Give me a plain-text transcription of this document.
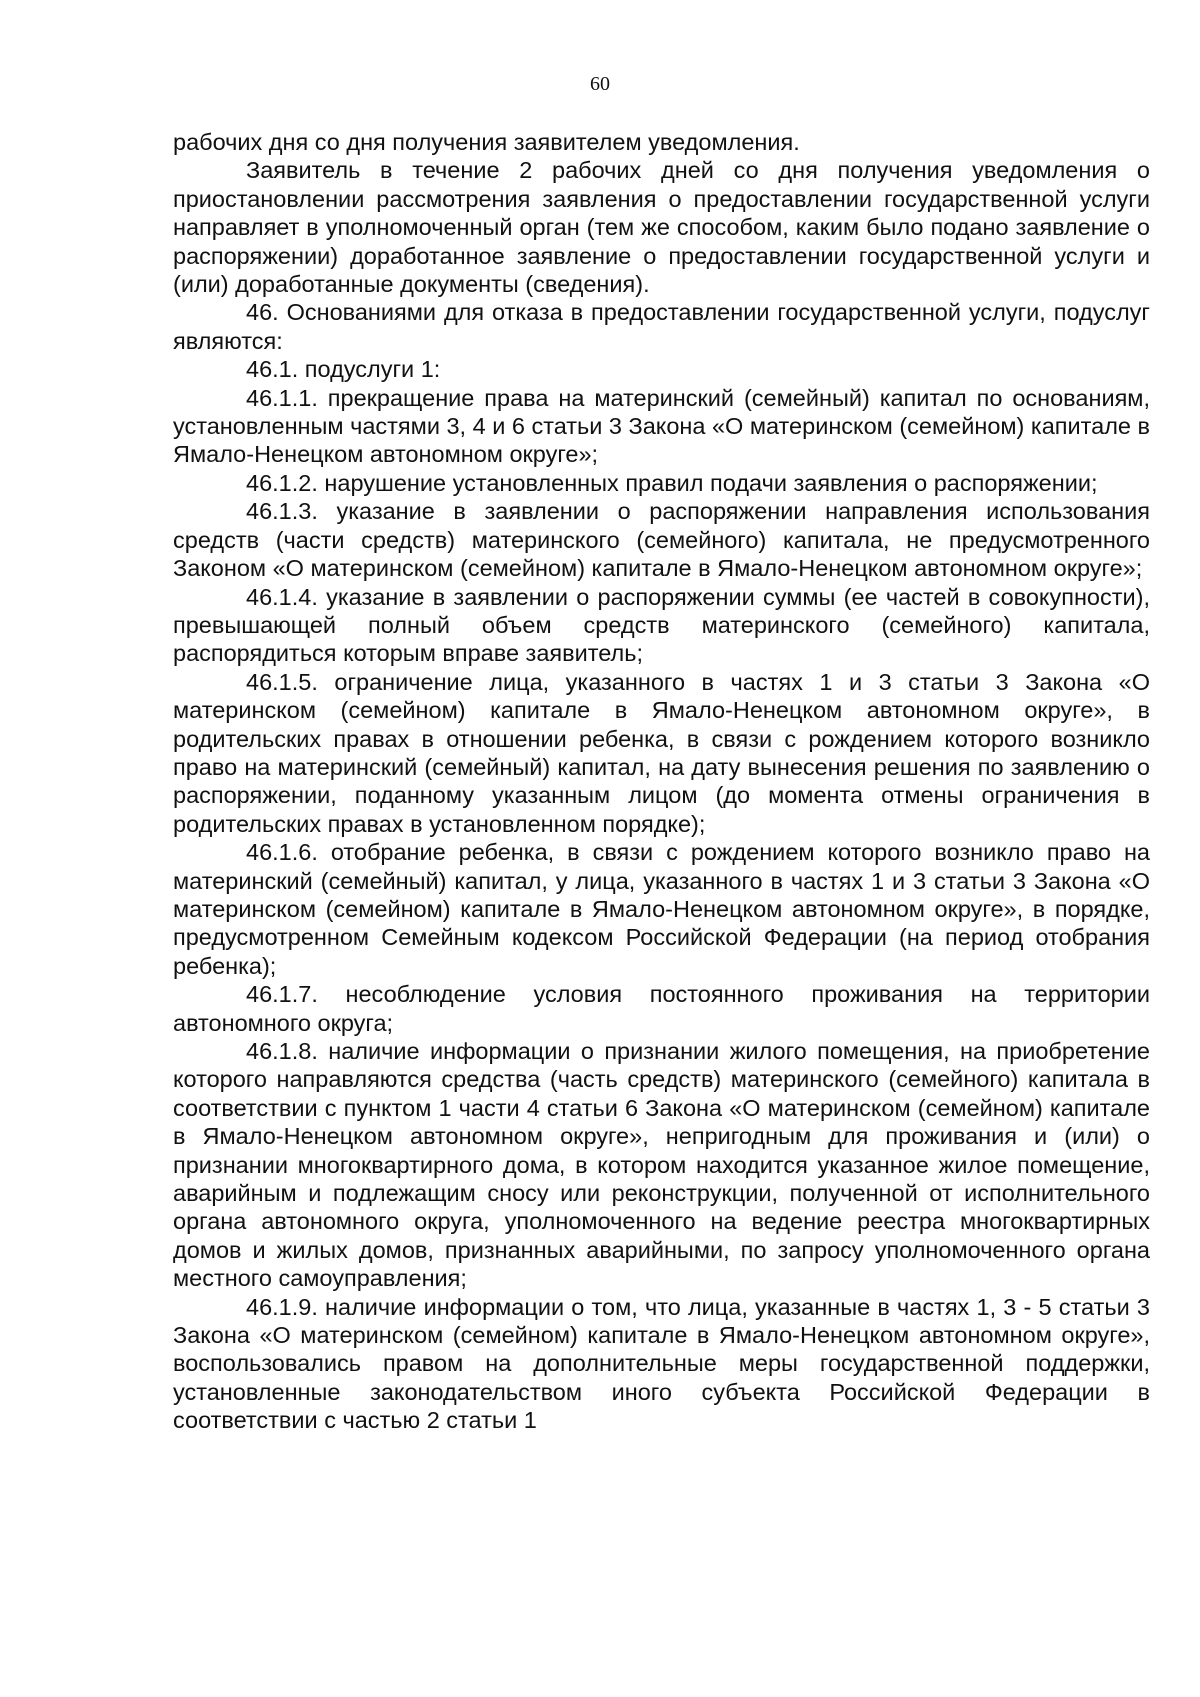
60

рабочих дня со дня получения заявителем уведомления.

Заявитель в течение 2 рабочих дней со дня получения уведомления о приостановлении рассмотрения заявления о предоставлении государственной услуги направляет в уполномоченный орган (тем же способом, каким было подано заявление о распоряжении) доработанное заявление о предоставлении государственной услуги и (или) доработанные документы (сведения).

46. Основаниями для отказа в предоставлении государственной услуги, подуслуг являются:

46.1. подуслуги 1:

46.1.1. прекращение права на материнский (семейный) капитал по основаниям, установленным частями 3, 4 и 6 статьи 3 Закона «О материнском (семейном) капитале в Ямало-Ненецком автономном округе»;

46.1.2. нарушение установленных правил подачи заявления о распоряжении;

46.1.3. указание в заявлении о распоряжении направления использования средств (части средств) материнского (семейного) капитала, не предусмотренного Законом «О материнском (семейном) капитале в Ямало-Ненецком автономном округе»;

46.1.4. указание в заявлении о распоряжении суммы (ее частей в совокупности), превышающей полный объем средств материнского (семейного) капитала, распорядиться которым вправе заявитель;

46.1.5. ограничение лица, указанного в частях 1 и 3 статьи 3 Закона «О материнском (семейном) капитале в Ямало-Ненецком автономном округе», в родительских правах в отношении ребенка, в связи с рождением которого возникло право на материнский (семейный) капитал, на дату вынесения решения по заявлению о распоряжении, поданному указанным лицом (до момента отмены ограничения в родительских правах в установленном порядке);

46.1.6. отобрание ребенка, в связи с рождением которого возникло право на материнский (семейный) капитал, у лица, указанного в частях 1 и 3 статьи 3 Закона «О материнском (семейном) капитале в Ямало-Ненецком автономном округе», в порядке, предусмотренном Семейным кодексом Российской Федерации (на период отобрания ребенка);

46.1.7. несоблюдение условия постоянного проживания на территории автономного округа;

46.1.8. наличие информации о признании жилого помещения, на приобретение которого направляются средства (часть средств) материнского (семейного) капитала в соответствии с пунктом 1 части 4 статьи 6 Закона «О материнском (семейном) капитале в Ямало-Ненецком автономном округе», непригодным для проживания и (или) о признании многоквартирного дома, в котором находится указанное жилое помещение, аварийным и подлежащим сносу или реконструкции, полученной от исполнительного органа автономного округа, уполномоченного на ведение реестра многоквартирных домов и жилых домов, признанных аварийными, по запросу уполномоченного органа местного самоуправления;

46.1.9. наличие информации о том, что лица, указанные в частях 1, 3 - 5 статьи 3 Закона «О материнском (семейном) капитале в Ямало-Ненецком автономном округе», воспользовались правом на дополнительные меры государственной поддержки, установленные законодательством иного субъекта Российской Федерации в соответствии с частью 2 статьи 1
